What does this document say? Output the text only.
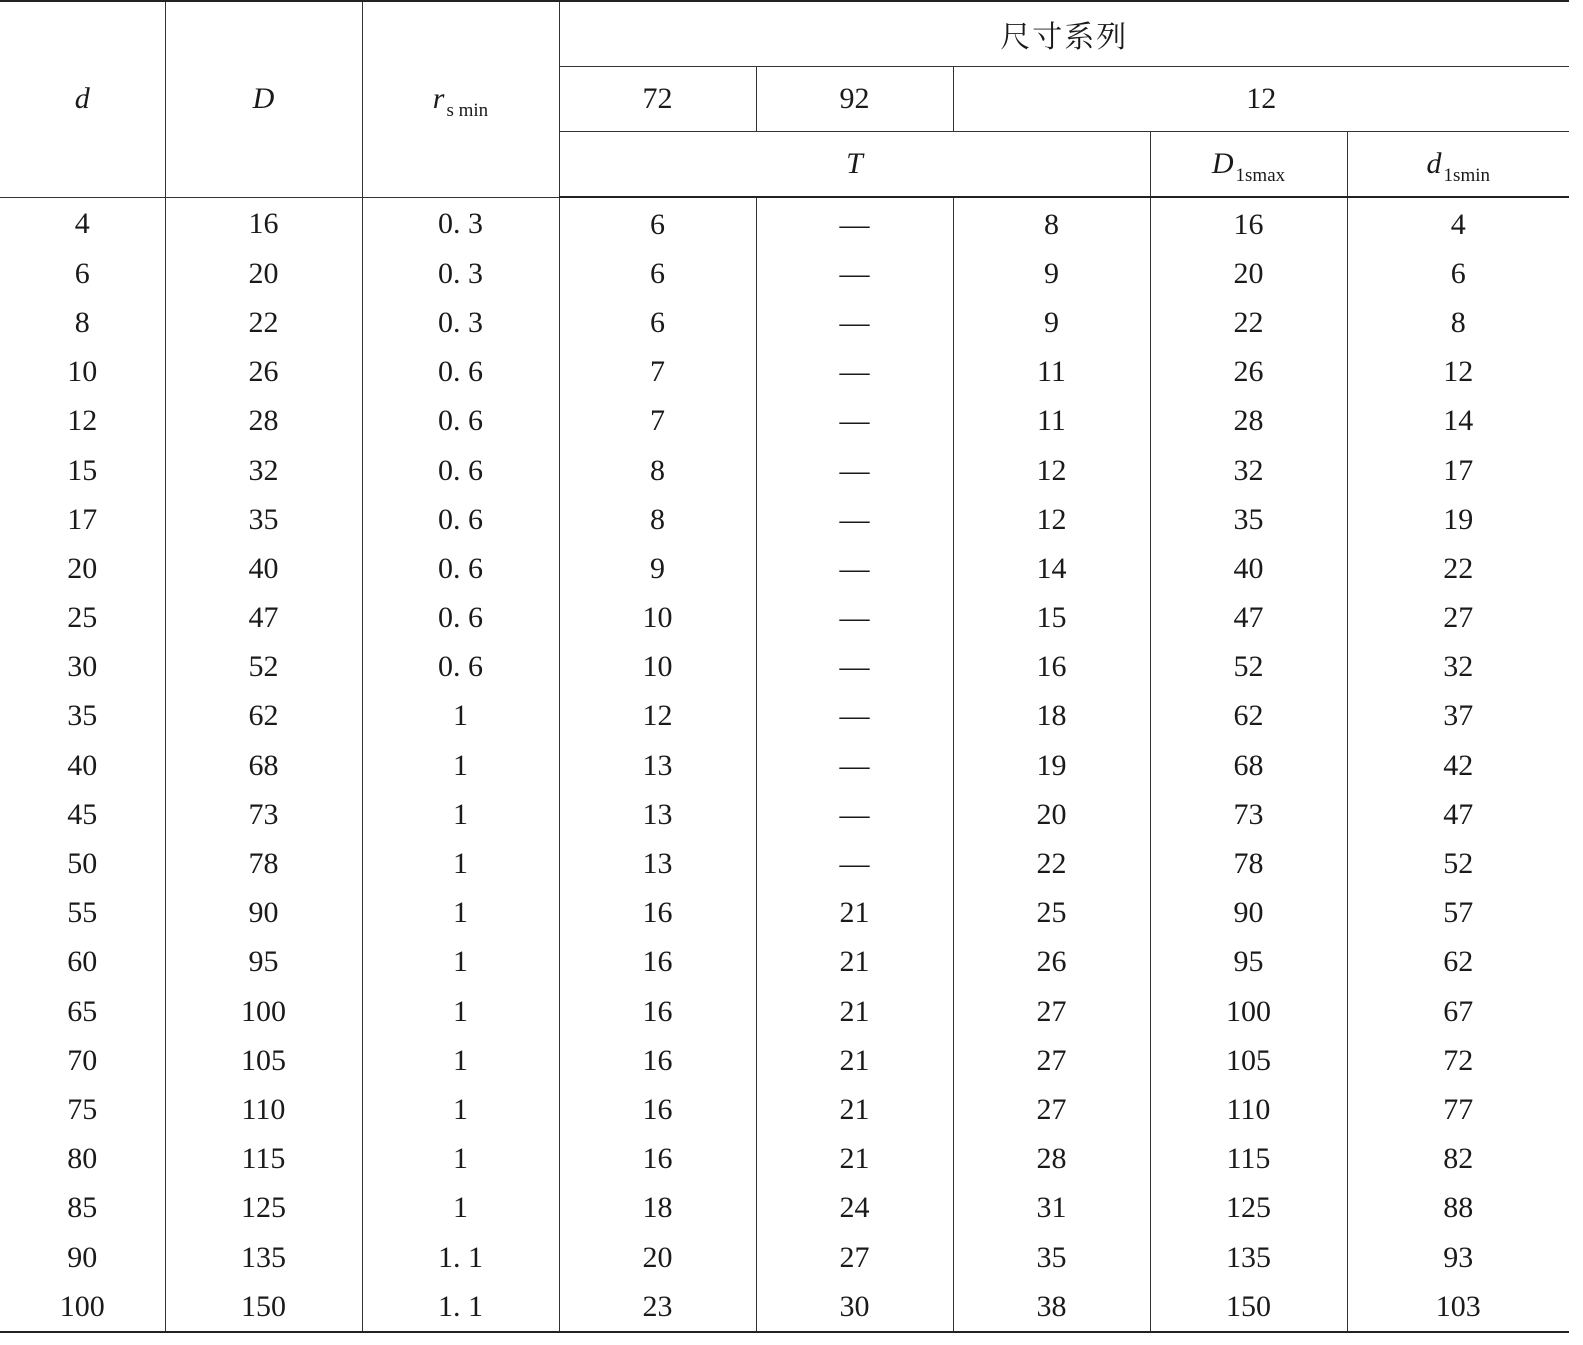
d	D	r $_{s min}$	尺寸系列				
			72	92	12		
			T			D $_{1smax}$	d $_{1smin}$
4	16	0. 3	6	—	8	16	4
6	20	0. 3	6	—	9	20	6
8	22	0. 3	6	—	9	22	8
10	26	0. 6	7	—	11	26	12
12	28	0. 6	7	—	11	28	14
15	32	0. 6	8	—	12	32	17
17	35	0. 6	8	—	12	35	19
20	40	0. 6	9	—	14	40	22
25	47	0. 6	10	—	15	47	27
30	52	0. 6	10	—	16	52	32
35	62	1	12	—	18	62	37
40	68	1	13	—	19	68	42
45	73	1	13	—	20	73	47
50	78	1	13	—	22	78	52
55	90	1	16	21	25	90	57
60	95	1	16	21	26	95	62
65	100	1	16	21	27	100	67
70	105	1	16	21	27	105	72
75	110	1	16	21	27	110	77
80	115	1	16	21	28	115	82
85	125	1	18	24	31	125	88
90	135	1. 1	20	27	35	135	93
100	150	1. 1	23	30	38	150	103
